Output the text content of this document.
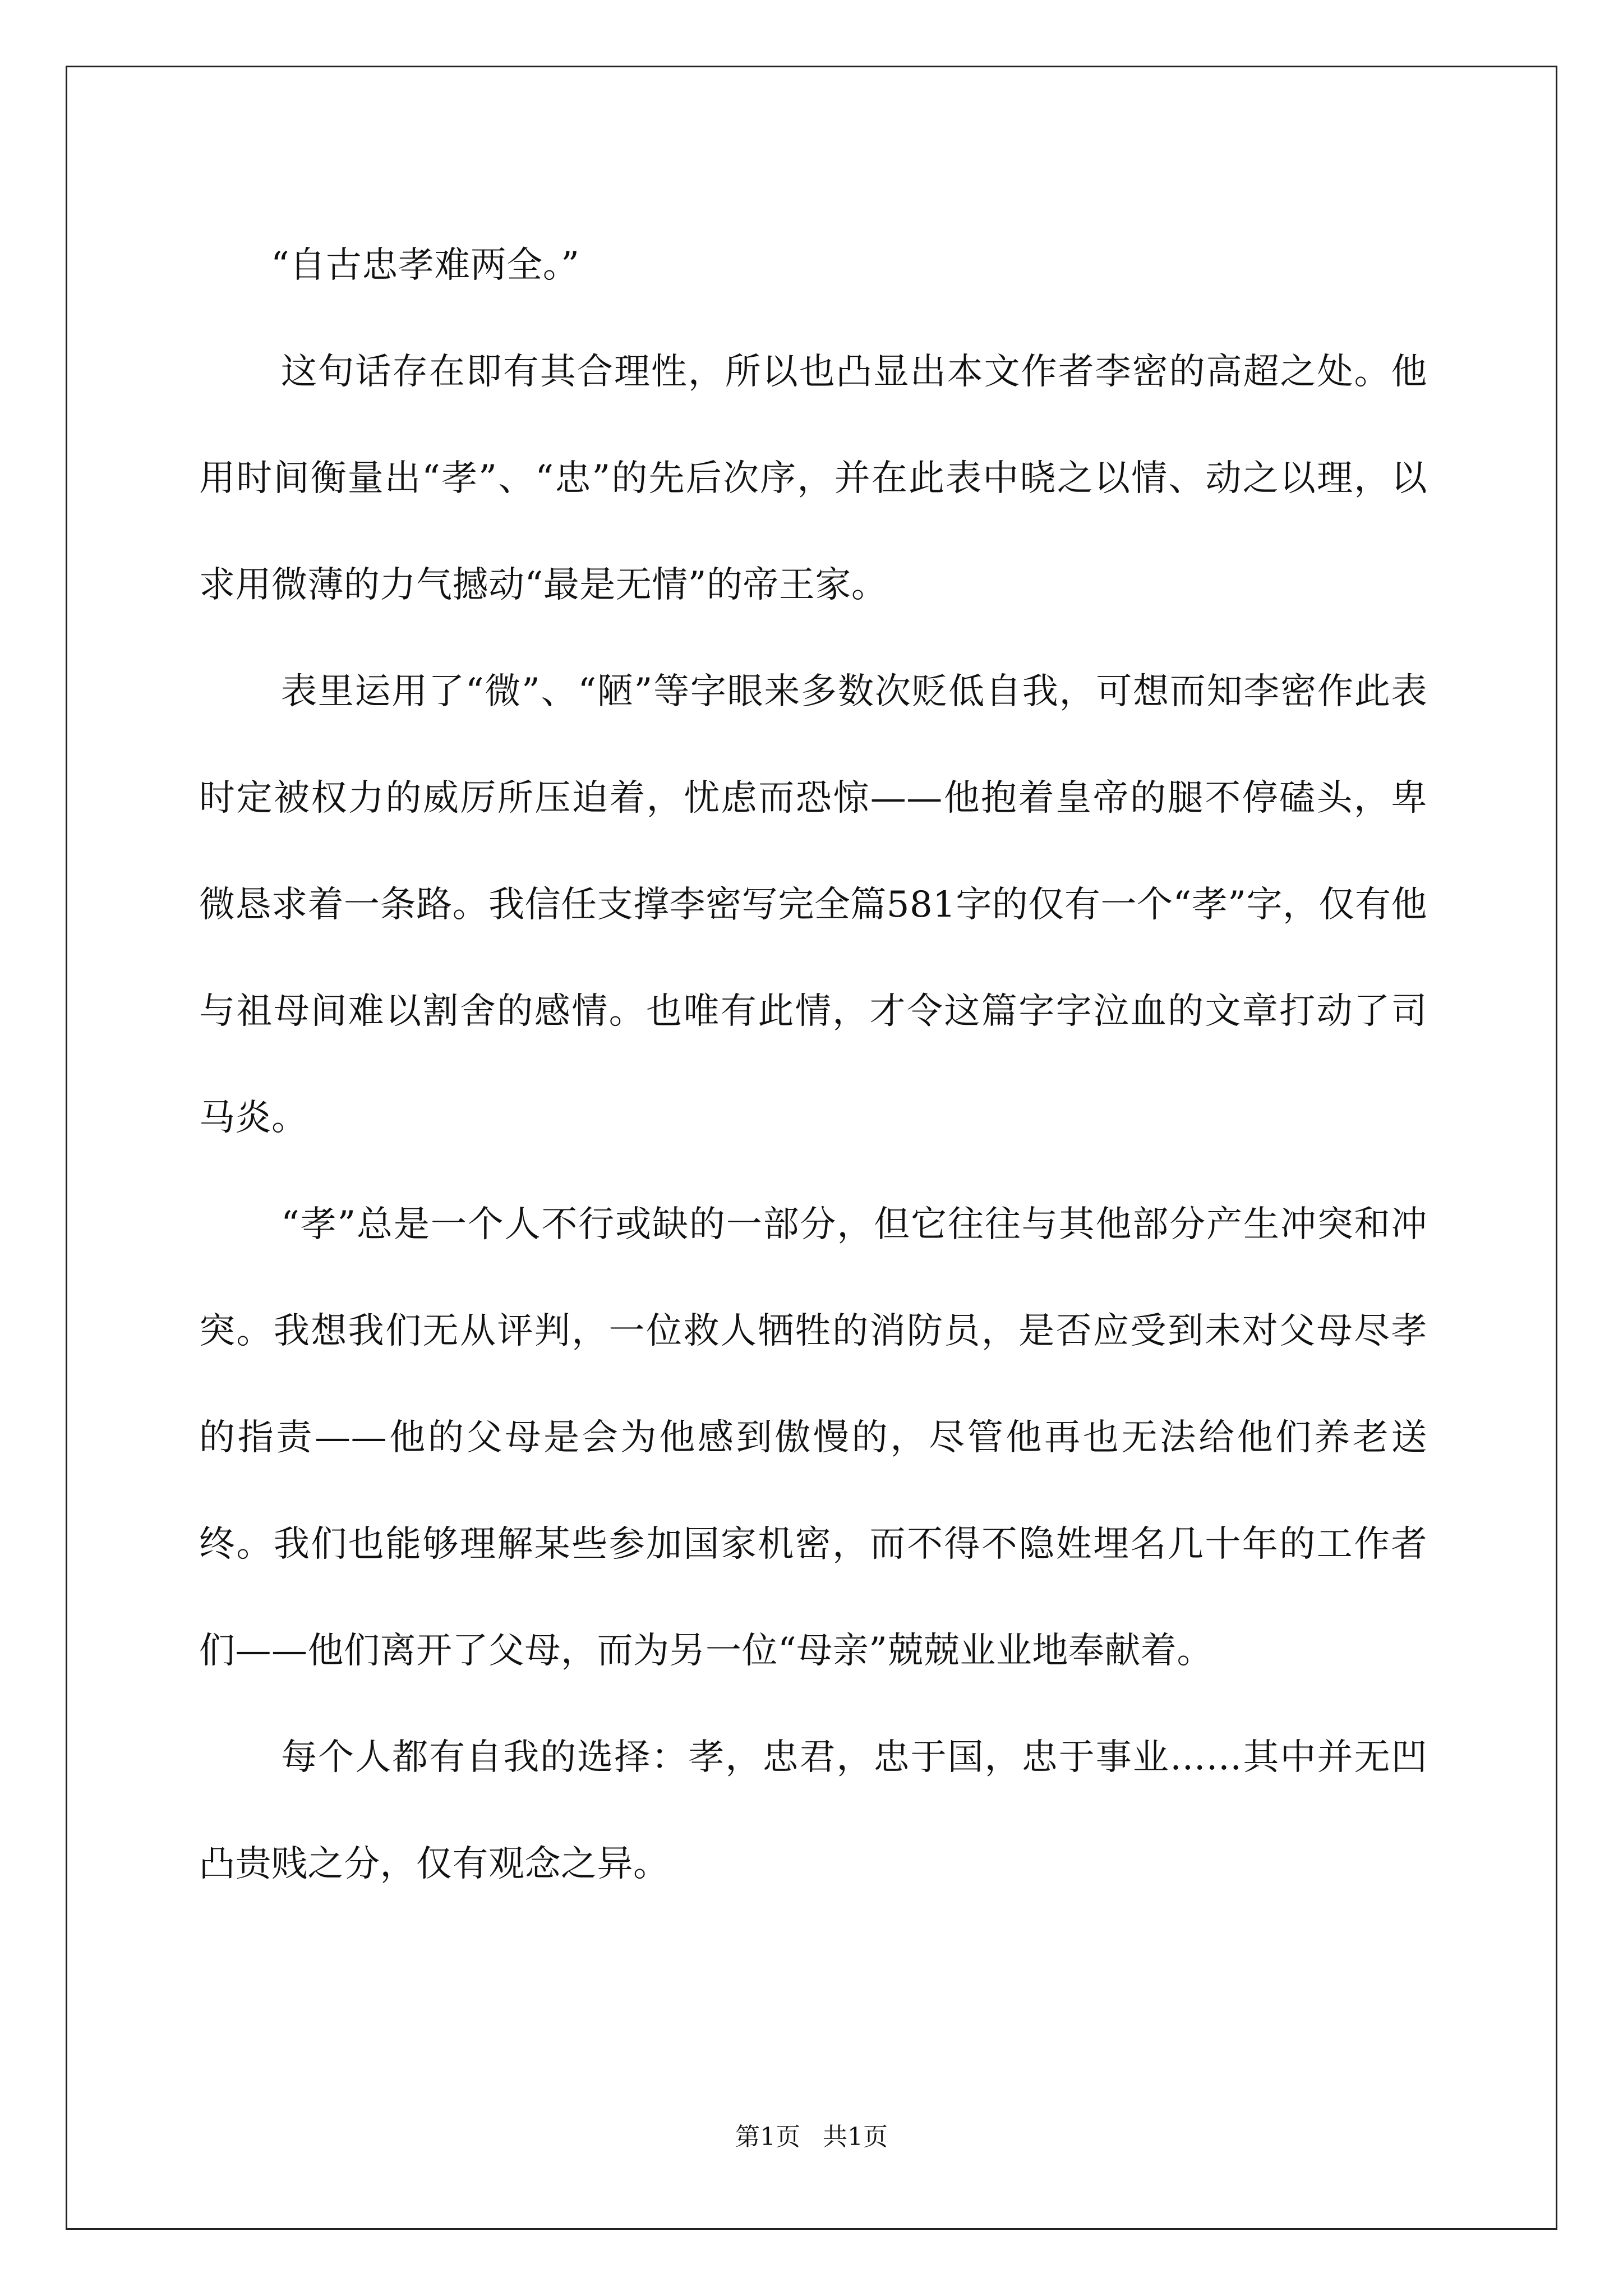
“自古忠孝难两全。”

这句话存在即有其合理性，所以也凸显出本文作者李密的高超之处。他用时间衡量出“孝”、“忠”的先后次序，并在此表中晓之以情、动之以理，以求用微薄的力气撼动“最是无情”的帝王家。

表里运用了“微”、“陋”等字眼来多数次贬低自我，可想而知李密作此表时定被权力的威厉所压迫着，忧虑而恐惊——他抱着皇帝的腿不停磕头，卑微恳求着一条路。我信任支撑李密写完全篇581字的仅有一个“孝”字，仅有他与祖母间难以割舍的感情。也唯有此情，才令这篇字字泣血的文章打动了司马炎。

“孝”总是一个人不行或缺的一部分，但它往往与其他部分产生冲突和冲突。我想我们无从评判，一位救人牺牲的消防员，是否应受到未对父母尽孝的指责——他的父母是会为他感到傲慢的，尽管他再也无法给他们养老送终。我们也能够理解某些参加国家机密，而不得不隐姓埋名几十年的工作者们——他们离开了父母，而为另一位“母亲”兢兢业业地奉献着。

每个人都有自我的选择：孝，忠君，忠于国，忠于事业……其中并无凹凸贵贱之分，仅有观念之异。

第1页 共1页
